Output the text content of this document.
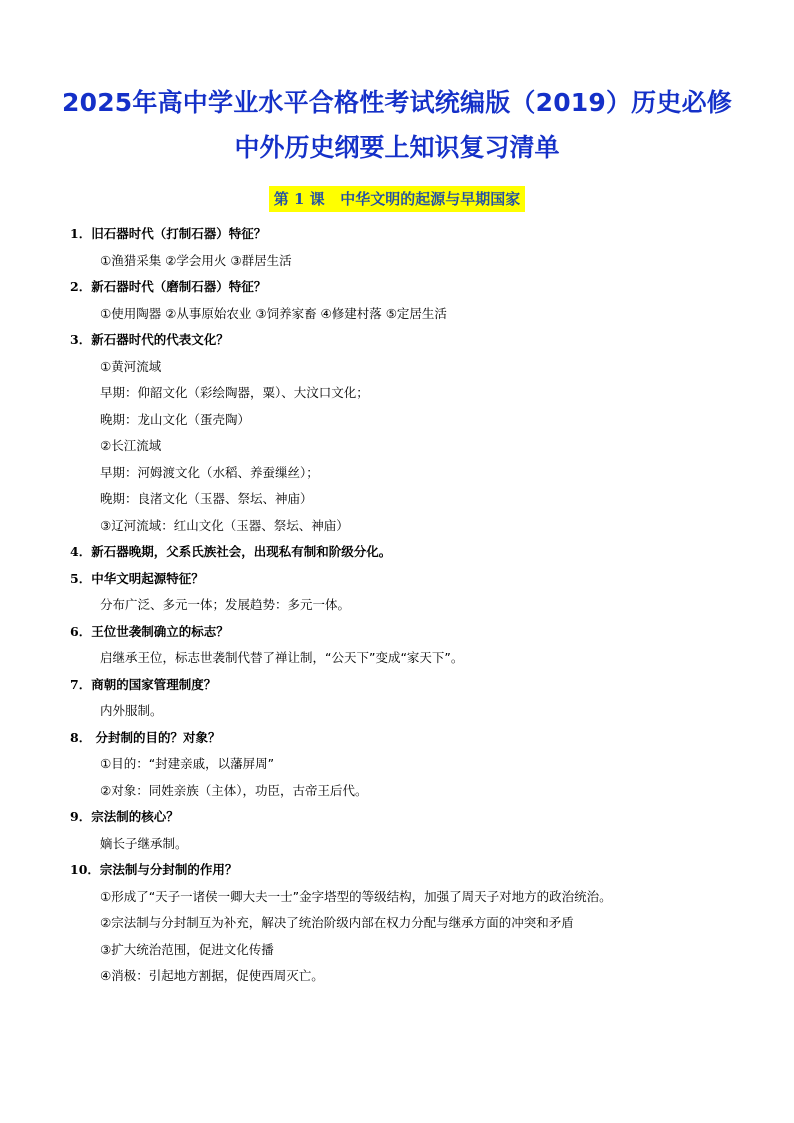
2025年高中学业水平合格性考试统编版（2019）历史必修
中外历史纲要上知识复习清单
第 1 课   中华文明的起源与早期国家
1．旧石器时代（打制石器）特征？
①渔猎采集 ②学会用火 ③群居生活
2．新石器时代（磨制石器）特征？
①使用陶器 ②从事原始农业 ③饲养家畜 ④修建村落 ⑤定居生活
3．新石器时代的代表文化？
①黄河流域
早期：仰韶文化（彩绘陶器，粟）、大汶口文化；
晚期：龙山文化（蛋壳陶）
②长江流域
早期：河姆渡文化（水稻、养蚕缫丝）；
晚期：良渚文化（玉器、祭坛、神庙）
③辽河流域：红山文化（玉器、祭坛、神庙）
4．新石器晚期，父系氏族社会，出现私有制和阶级分化。
5．中华文明起源特征？
分布广泛、多元一体；发展趋势：多元一体。
6．王位世袭制确立的标志？
启继承王位，标志世袭制代替了禅让制，“公天下”变成“家天下”。
7．商朝的国家管理制度？
内外服制。
8． 分封制的目的？对象？
①目的：“封建亲戚，以藩屏周”
②对象：同姓亲族（主体），功臣，古帝王后代。
9．宗法制的核心？
嫡长子继承制。
10．宗法制与分封制的作用？
①形成了“天子一诸侯一卿大夫一士”金字塔型的等级结构，加强了周天子对地方的政治统治。
②宗法制与分封制互为补充，解决了统治阶级内部在权力分配与继承方面的冲突和矛盾
③扩大统治范围，促进文化传播
④消极：引起地方割据，促使西周灭亡。
